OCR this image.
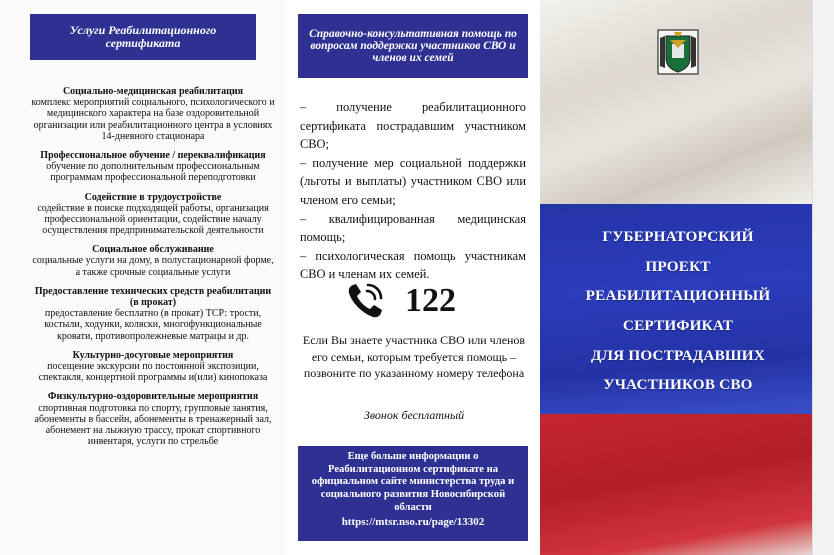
Услуги Реабилитационного сертификата
Социально-медицинская реабилитация
комплекс мероприятий социального, психологического и медицинского характера на базе оздоровительной организации или реабилитационного центра в условиях 14-дневного стационара
Профессиональное обучение / переквалификация
обучение по дополнительным профессиональным программам профессиональной переподготовки
Содействие в трудоустройстве
содействие в поиске подходящей работы, организация профессиональной ориентации, содействие началу осуществления предпринимательской деятельности
Социальное обслуживание
социальные услуги на дому, в полустационарной форме, а также срочные социальные услуги
Предоставление технических средств реабилитации (в прокат)
предоставление бесплатно (в прокат) ТСР: трости, костыли, ходунки, коляски, многофункциональные кровати, противопролежневые матрацы и др.
Культурно-досуговые мероприятия
посещение экскурсии по постоянной экспозиции, спектакля, концертной программы и(или) кинопоказа
Физкультурно-оздоровительные мероприятия
спортивная подготовка по спорту, групповые занятия, абонементы в бассейн, абонементы в тренажерный зал, абонемент на лыжную трассу, прокат спортивного инвентаря, услуги по стрельбе
Справочно-консультативная помощь по вопросам поддержки участников СВО и членов их семей
– получение реабилитационного сертификата пострадавшим участником СВО;
– получение мер социальной поддержки (льготы и выплаты) участником СВО или членом его семьи;
– квалифицированная медицинская помощь;
– психологическая помощь участникам СВО и членам их семей.
122
Если Вы знаете участника СВО или членов его семьи, которым требуется помощь – позвоните по указанному номеру телефона
Звонок бесплатный
Еще больше информации о Реабилитационном сертификате на официальном сайте министерства труда и социального развития Новосибирской области
https://mtsr.nso.ru/page/13302
ГУБЕРНАТОРСКИЙ
ПРОЕКТ
РЕАБИЛИТАЦИОННЫЙ
СЕРТИФИКАТ
ДЛЯ ПОСТРАДАВШИХ
УЧАСТНИКОВ СВО
